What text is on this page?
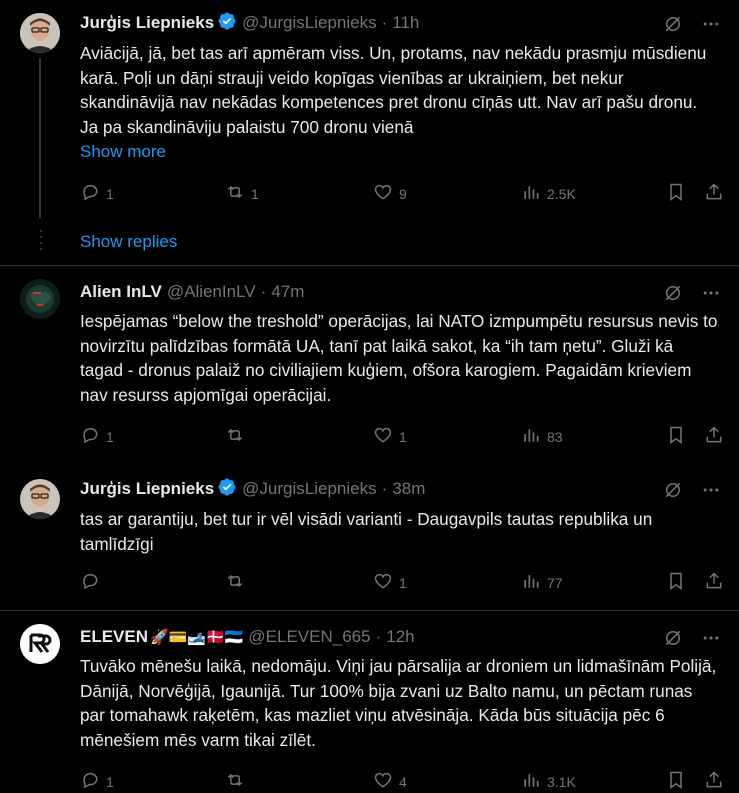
Jurģis Liepnieks @JurgisLiepnieks · 11h
Aviācijā, jā, bet tas arī apmēram viss. Un, protams, nav nekādu prasmju mūsdienu karā. Poļi un dāņi strauji veido kopīgas vienības ar ukraiņiem, bet nekur skandināvijā nav nekādas kompetences pret dronu cīņās utt. Nav arī pašu dronu. Ja pa skandināviju palaistu 700 dronu vienā
Show more
1	1	9	2.5K
Show replies
Alien InLV @AlienInLV · 47m
Iespējamas “below the treshold” operācijas, lai NATO izmpumpētu resursus nevis to novirzītu palīdzības formātā UA, tanī pat laikā sakot, ka “ih tam ņetu”. Gluži kā tagad - dronus palaiž no civiliajiem kuģiem, ofšora karogiem. Pagaidām krieviem nav resurss apjomīgai operācijai.
1	1	83
Jurģis Liepnieks @JurgisLiepnieks · 38m
tas ar garantiju, bet tur ir vēl visādi varianti - Daugavpils tautas republika un tamlīdzīgi
1	77
ELEVEN 🚀💳🎿🇩🇰🇪🇪 @ELEVEN_665 · 12h
Tuvāko mēnešu laikā, nedomāju. Viņi jau pārsalija ar droniem un lidmašīnām Polijā, Dānijā, Norvēģijā, Igaunijā. Tur 100% bija zvani uz Balto namu, un pēctam runas par tomahawk raķetēm, kas mazliet viņu atvēsināja. Kāda būs situācija pēc 6 mēnešiem mēs varm tikai zīlēt.
1	4	3.1K
